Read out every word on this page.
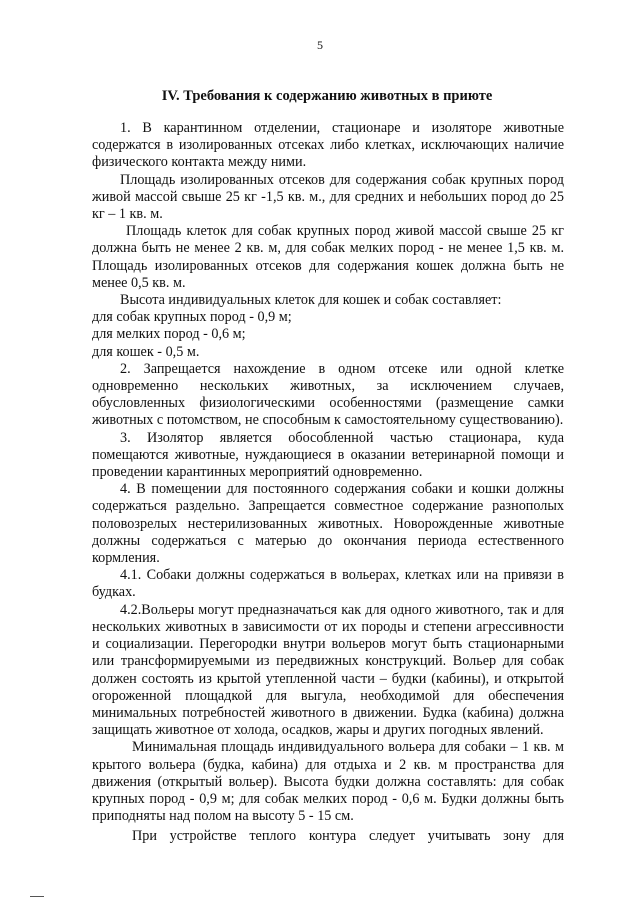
5
IV. Требования к содержанию животных в приюте

1. В карантинном отделении, стационаре и изоляторе животные содержатся в изолированных отсеках либо клетках, исключающих наличие физического контакта между ними.

Площадь изолированных отсеков для содержания собак крупных пород живой массой свыше 25 кг -1,5 кв. м., для средних и небольших пород до 25 кг – 1 кв. м.

Площадь клеток для собак крупных пород живой массой свыше 25 кг должна быть не менее 2 кв. м, для собак мелких пород - не менее 1,5 кв. м. Площадь изолированных отсеков для содержания кошек должна быть не менее 0,5 кв. м.

Высота индивидуальных клеток для кошек и собак составляет:

для собак крупных пород - 0,9 м;

для мелких пород - 0,6 м;

для кошек - 0,5 м.

2. Запрещается нахождение в одном отсеке или одной клетке одновременно нескольких животных, за исключением случаев, обусловленных физиологическими особенностями (размещение самки животных с потомством, не способным к самостоятельному существованию).

3. Изолятор является обособленной частью стационара, куда помещаются животные, нуждающиеся в оказании ветеринарной помощи и проведении карантинных мероприятий одновременно.

4. В помещении для постоянного содержания собаки и кошки должны содержаться раздельно. Запрещается совместное содержание разнополых половозрелых нестерилизованных животных. Новорожденные животные должны содержаться с матерью до окончания периода естественного кормления.

4.1. Собаки должны содержаться в вольерах, клетках или на привязи в будках.

4.2.Вольеры могут предназначаться как для одного животного, так и для нескольких животных в зависимости от их породы и степени агрессивности и социализации. Перегородки внутри вольеров могут быть стационарными или трансформируемыми из передвижных конструкций. Вольер для собак должен состоять из крытой утепленной части – будки (кабины), и открытой огороженной площадкой для выгула, необходимой для обеспечения минимальных потребностей животного в движении. Будка (кабина) должна защищать животное от холода, осадков, жары и других погодных явлений.

Минимальная площадь индивидуального вольера для собаки – 1 кв. м крытого вольера (будка, кабина) для отдыха и 2 кв. м пространства для движения (открытый вольер). Высота будки должна составлять: для собак крупных пород - 0,9 м; для собак мелких пород - 0,6 м. Будки должны быть приподняты над полом на высоту 5 - 15 см.

При устройстве теплого контура следует учитывать зону для
